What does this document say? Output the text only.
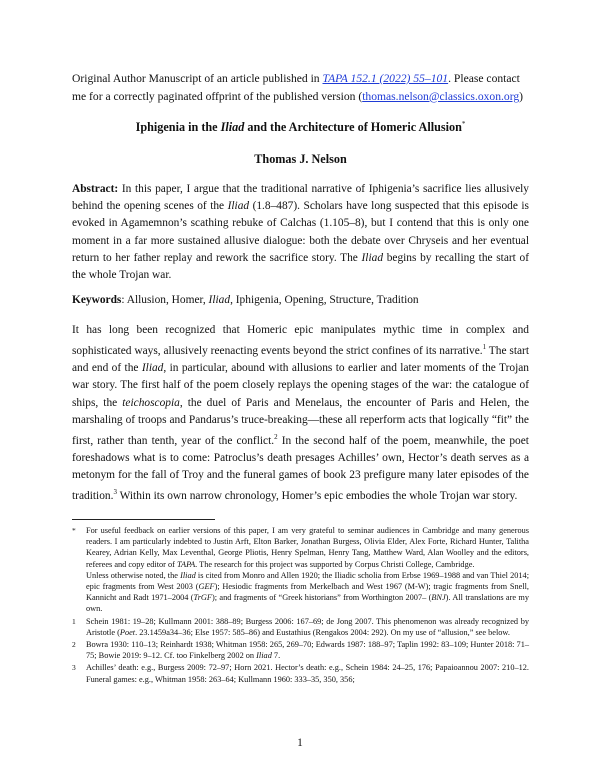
Original Author Manuscript of an article published in TAPA 152.1 (2022) 55–101. Please contact me for a correctly paginated offprint of the published version (thomas.nelson@classics.oxon.org)
Iphigenia in the Iliad and the Architecture of Homeric Allusion*
Thomas J. Nelson
Abstract: In this paper, I argue that the traditional narrative of Iphigenia’s sacrifice lies allusively behind the opening scenes of the Iliad (1.8–487). Scholars have long suspected that this episode is evoked in Agamemnon’s scathing rebuke of Calchas (1.105–8), but I contend that this is only one moment in a far more sustained allusive dialogue: both the debate over Chryseis and her eventual return to her father replay and rework the sacrifice story. The Iliad begins by recalling the start of the whole Trojan war.
Keywords: Allusion, Homer, Iliad, Iphigenia, Opening, Structure, Tradition
It has long been recognized that Homeric epic manipulates mythic time in complex and sophisticated ways, allusively reenacting events beyond the strict confines of its narrative.$^1$ The start and end of the Iliad, in particular, abound with allusions to earlier and later moments of the Trojan war story. The first half of the poem closely replays the opening stages of the war: the catalogue of ships, the teichoscopia, the duel of Paris and Menelaus, the encounter of Paris and Helen, the marshaling of troops and Pandarus’s truce-breaking—these all reperform acts that logically “fit” the first, rather than tenth, year of the conflict.$^2$ In the second half of the poem, meanwhile, the poet foreshadows what is to come: Patroclus’s death presages Achilles’ own, Hector’s death serves as a metonym for the fall of Troy and the funeral games of book 23 prefigure many later episodes of the tradition.$^3$ Within its own narrow chronology, Homer’s epic embodies the whole Trojan war story.
* For useful feedback on earlier versions of this paper, I am very grateful to seminar audiences in Cambridge and many generous readers. I am particularly indebted to Justin Arft, Elton Barker, Jonathan Burgess, Olivia Elder, Alex Forte, Richard Hunter, Talitha Kearey, Adrian Kelly, Max Leventhal, George Pliotis, Henry Spelman, Henry Tang, Matthew Ward, Alan Woolley and the editors, referees and copy editor of TAPA. The research for this project was supported by Corpus Christi College, Cambridge.
Unless otherwise noted, the Iliad is cited from Monro and Allen 1920; the Iliadic scholia from Erbse 1969–1988 and van Thiel 2014; epic fragments from West 2003 (GEF); Hesiodic fragments from Merkelbach and West 1967 (M-W); tragic fragments from Snell, Kannicht and Radt 1971–2004 (TrGF); and fragments of “Greek historians” from Worthington 2007– (BNJ). All translations are my own.
1 Schein 1981: 19–28; Kullmann 2001: 388–89; Burgess 2006: 167–69; de Jong 2007. This phenomenon was already recognized by Aristotle (Poet. 23.1459a34–36; Else 1957: 585–86) and Eustathius (Rengakos 2004: 292). On my use of “allusion,” see below.
2 Bowra 1930: 110–13; Reinhardt 1938; Whitman 1958: 265, 269–70; Edwards 1987: 188–97; Taplin 1992: 83–109; Hunter 2018: 71–75; Bowie 2019: 9–12. Cf. too Finkelberg 2002 on Iliad 7.
3 Achilles’ death: e.g., Burgess 2009: 72–97; Horn 2021. Hector’s death: e.g., Schein 1984: 24–25, 176; Papaioannou 2007: 210–12. Funeral games: e.g., Whitman 1958: 263–64; Kullmann 1960: 333–35, 350, 356;
1
